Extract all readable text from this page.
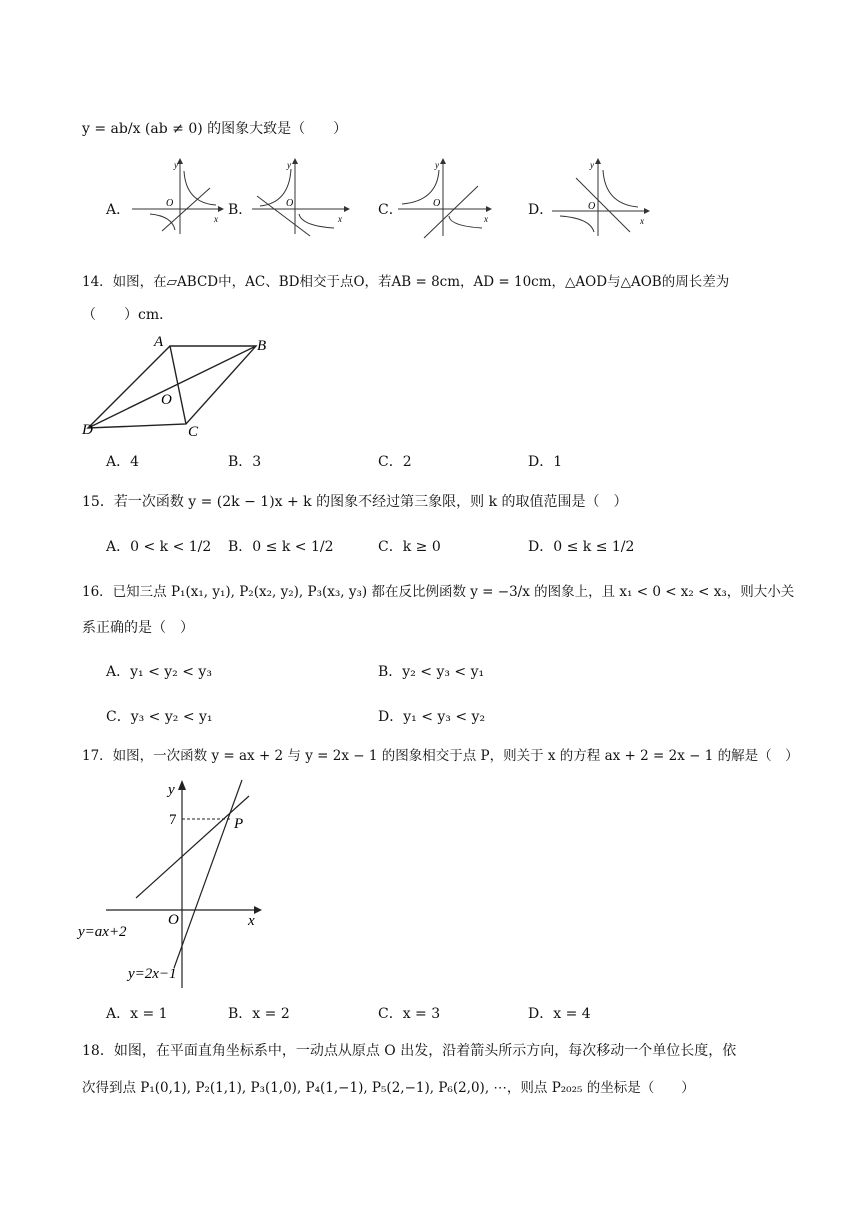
y = ab/x (ab ≠ 0) 的图象大致是（　　）
A．
y
O
x
B．
y
O
x
C．
y
O
x
D．
y
O
x
14．如图，在▱ABCD中，AC、BD相交于点O，若AB = 8cm，AD = 10cm，△AOD与△AOB的周长差为
（　　）cm．
A	B
C
D
O
A．4	B．3	C．2	D．1
15．若一次函数 y = (2k − 1)x + k 的图象不经过第三象限，则 k 的取值范围是（　）
A．0 < k < 1/2 B．0 ≤ k < 1/2	C．k ≥ 0	D．0 ≤ k ≤ 1/2
16．已知三点 P₁(x₁, y₁), P₂(x₂, y₂), P₃(x₃, y₃) 都在反比例函数 y = −3/x 的图象上，且 x₁ < 0 < x₂ < x₃，则大小关
系正确的是（　）
A．y₁ < y₂ < y₃	B．y₂ < y₃ < y₁
C．y₃ < y₂ < y₁	D．y₁ < y₃ < y₂
17．如图，一次函数 y = ax + 2 与 y = 2x − 1 的图象相交于点 P，则关于 x 的方程 ax + 2 = 2x − 1 的解是（　）
y
x
O
P
7
y=ax+2
y=2x−1
A．x = 1	B．x = 2	C．x = 3	D．x = 4
18．如图，在平面直角坐标系中，一动点从原点 O 出发，沿着箭头所示方向，每次移动一个单位长度，依
次得到点 P₁(0,1), P₂(1,1), P₃(1,0), P₄(1,−1), P₅(2,−1), P₆(2,0), ⋯，则点 P₂₀₂₅ 的坐标是（　　）
